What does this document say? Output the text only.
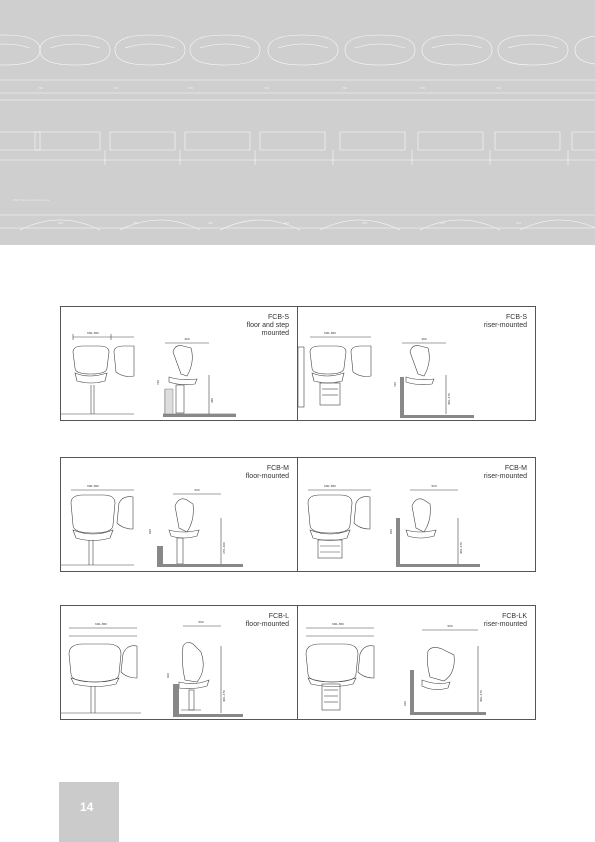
700	700	700	700	700	700	700
450	450	450	450	450	450	450
FMD Series | Dimensions
600–650
460
720
380
FCB-S
floor and step
mounted	600–650
460
720
400–470
FCB-S
riser-mounted
600–650
520
820
370–400
FCB-M
floor-mounted
600–650	520
820
400–470
FCB-M
riser-mounted
600–650	560
910
400–470
FCB-L
floor-mounted	600–650	560
910
400–470
FCB-LK
riser-mounted
14
